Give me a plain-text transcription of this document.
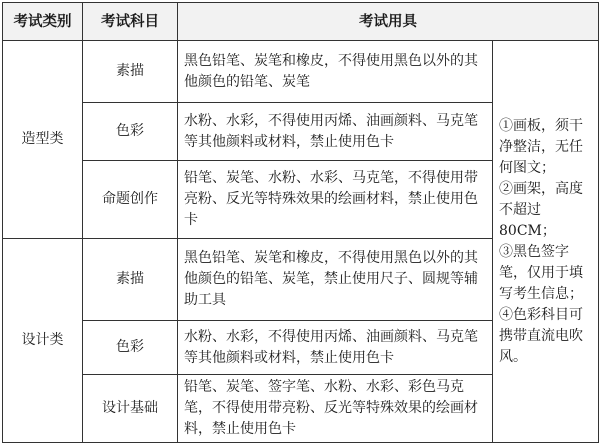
考试类别	考试科目	考试用具	
造型类	素描	黑色铅笔、炭笔和橡皮，不得使用黑色以外的其他颜色的铅笔、炭笔	①画板，须干净整洁，无任何图文；
②画架，高度不超过80CM；
③黑色签字笔，仅用于填写考生信息；
④色彩科目可携带直流电吹风。

	色彩	水粉、水彩，不得使用丙烯、油画颜料、马克笔等其他颜料或材料，禁止使用色卡	
	命题创作	铅笔、炭笔、水粉、水彩、马克笔，不得使用带亮粉、反光等特殊效果的绘画材料，禁止使用色卡	
设计类	素描	黑色铅笔、炭笔和橡皮，不得使用黑色以外的其他颜色的铅笔、炭笔，禁止使用尺子、圆规等辅助工具	
	色彩	水粉、水彩，不得使用丙烯、油画颜料、马克笔等其他颜料或材料，禁止使用色卡	
	设计基础	铅笔、炭笔、签字笔、水粉、水彩、彩色马克笔，不得使用带亮粉、反光等特殊效果的绘画材料，禁止使用色卡	
